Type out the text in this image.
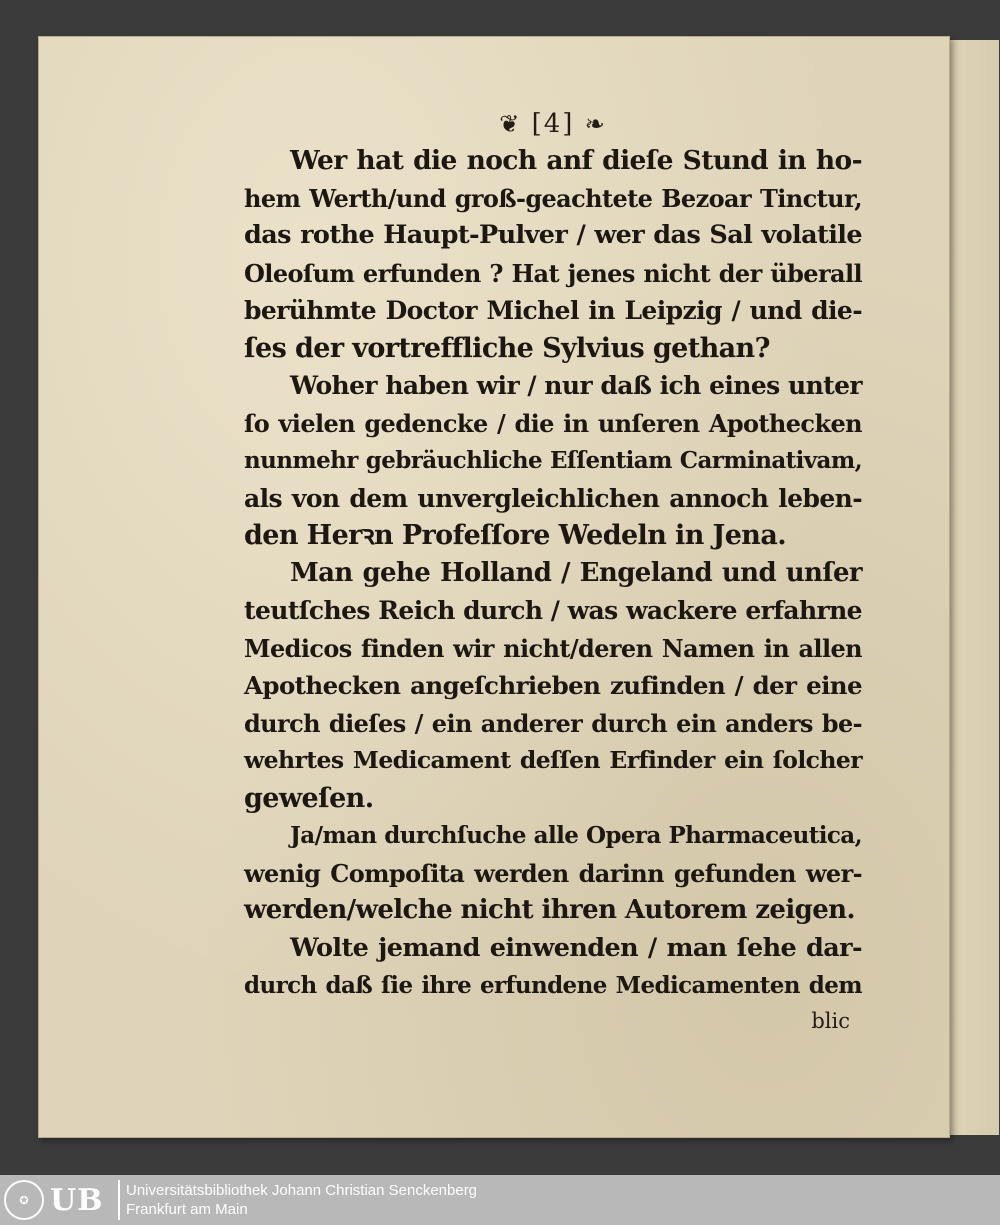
❦ [4] ❧
Wer hat die noch anf dieſe Stund in ho-
hem Werth/und groß-geachtete Bezoar Tinctur,
das rothe Haupt-Pulver / wer das Sal volatile
Oleoſum erfunden ? Hat jenes nicht der überall
berühmte Doctor Michel in Leipzig / und die-
ſes der vortreffliche Sylvius gethan?
Woher haben wir / nur daß ich eines unter
ſo vielen gedencke / die in unſeren Apothecken
nunmehr gebräuchliche Eſſentiam Carminativam,
als von dem unvergleichlichen annoch leben-
den Herꝛn Profeſſore Wedeln in Jena.
Man gehe Holland / Engeland und unſer
teutſches Reich durch / was wackere erfahrne
Medicos finden wir nicht/deren Namen in allen
Apothecken angeſchrieben zufinden / der eine
durch dieſes / ein anderer durch ein anders be-
wehrtes Medicament deſſen Erfinder ein ſolcher
geweſen.
Ja/man durchſuche alle Opera Pharmaceutica,
wenig Compoſita werden darinn gefunden wer-
werden/welche nicht ihren Autorem zeigen.
Wolte jemand einwenden / man ſehe dar-
durch daß ſie ihre erfundene Medicamenten dem
blic
✪ UB Universitätsbibliothek Johann Christian Senckenberg
Frankfurt am Main
